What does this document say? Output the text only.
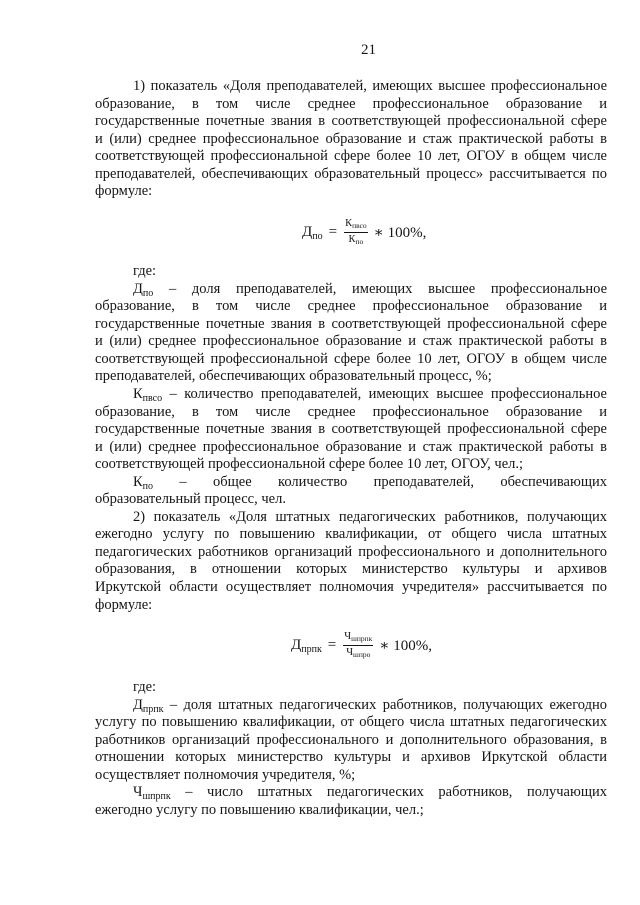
21
1) показатель «Доля преподавателей, имеющих высшее профессиональное
образование, в том числе среднее профессиональное образование и
государственные почетные звания в соответствующей профессиональной сфере
и (или) среднее профессиональное образование и стаж практической работы в
соответствующей профессиональной сфере более 10 лет, ОГОУ в общем числе
преподавателей, обеспечивающих образовательный процесс» рассчитывается по
формуле:
$Д_{по} = \frac{К_{пвсо}}{К_{по}}$ ∗ 100%,
где:
$Д_{по}$ – доля преподавателей, имеющих высшее профессиональное
образование, в том числе среднее профессиональное образование и
государственные почетные звания в соответствующей профессиональной сфере
и (или) среднее профессиональное образование и стаж практической работы в
соответствующей профессиональной сфере более 10 лет, ОГОУ в общем числе
преподавателей, обеспечивающих образовательный процесс, %;
$К_{пвсо}$ – количество преподавателей, имеющих высшее профессиональное
образование, в том числе среднее профессиональное образование и
государственные почетные звания в соответствующей профессиональной сфере
и (или) среднее профессиональное образование и стаж практической работы в
соответствующей профессиональной сфере более 10 лет, ОГОУ, чел.;
$К_{по}$ – общее количество преподавателей, обеспечивающих
образовательный процесс, чел.
2) показатель «Доля штатных педагогических работников, получающих
ежегодно услугу по повышению квалификации, от общего числа штатных
педагогических работников организаций профессионального и дополнительного
образования, в отношении которых министерство культуры и архивов
Иркутской области осуществляет полномочия учредителя» рассчитывается по
формуле:
$Д_{прпк} = \frac{Ч_{шпрпк}}{Ч_{шпро}}$ ∗ 100%,
где:
$Д_{прпк}$ – доля штатных педагогических работников, получающих ежегодно
услугу по повышению квалификации, от общего числа штатных педагогических
работников организаций профессионального и дополнительного образования, в
отношении которых министерство культуры и архивов Иркутской области
осуществляет полномочия учредителя, %;
$Ч_{шпрпк}$ – число штатных педагогических работников, получающих
ежегодно услугу по повышению квалификации, чел.;
